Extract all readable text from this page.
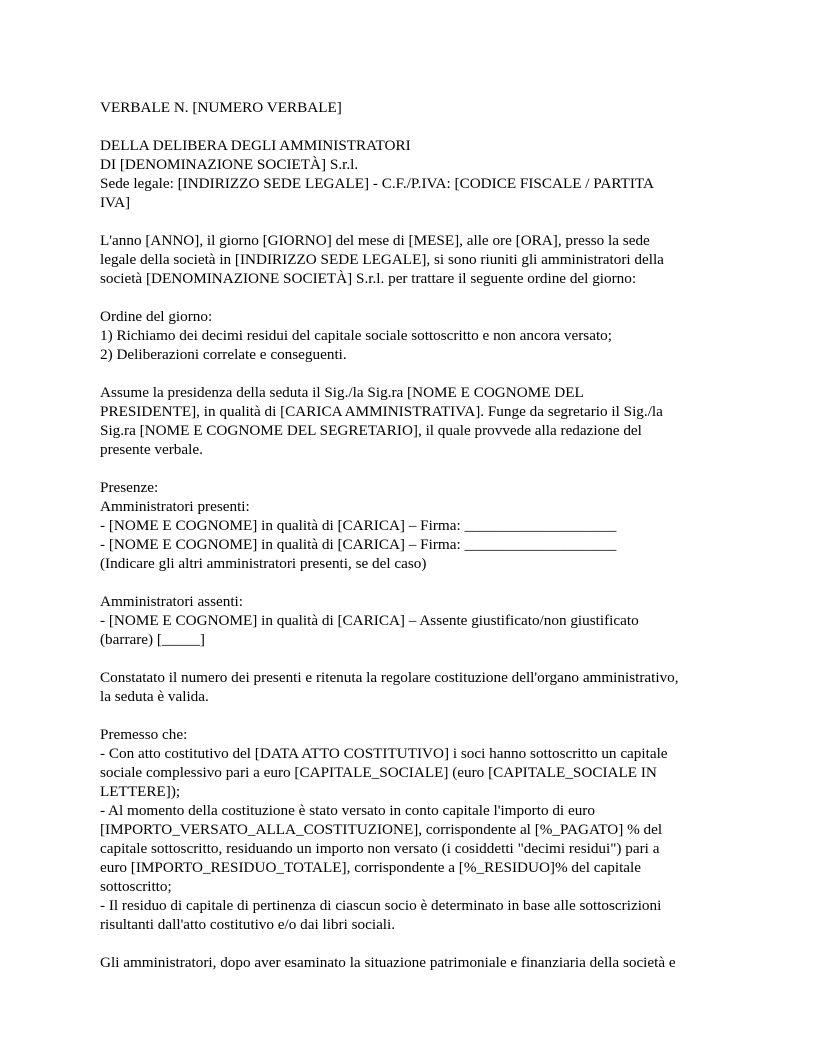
VERBALE N. [NUMERO VERBALE]
DELLA DELIBERA DEGLI AMMINISTRATORI
DI [DENOMINAZIONE SOCIETÀ] S.r.l.
Sede legale: [INDIRIZZO SEDE LEGALE] - C.F./P.IVA: [CODICE FISCALE / PARTITA
IVA]
L'anno [ANNO], il giorno [GIORNO] del mese di [MESE], alle ore [ORA], presso la sede
legale della società in [INDIRIZZO SEDE LEGALE], si sono riuniti gli amministratori della
società [DENOMINAZIONE SOCIETÀ] S.r.l. per trattare il seguente ordine del giorno:
Ordine del giorno:
1) Richiamo dei decimi residui del capitale sociale sottoscritto e non ancora versato;
2) Deliberazioni correlate e conseguenti.
Assume la presidenza della seduta il Sig./la Sig.ra [NOME E COGNOME DEL
PRESIDENTE], in qualità di [CARICA AMMINISTRATIVA]. Funge da segretario il Sig./la
Sig.ra [NOME E COGNOME DEL SEGRETARIO], il quale provvede alla redazione del
presente verbale.
Presenze:
Amministratori presenti:
- [NOME E COGNOME] in qualità di [CARICA] – Firma: ____________________
- [NOME E COGNOME] in qualità di [CARICA] – Firma: ____________________
(Indicare gli altri amministratori presenti, se del caso)
Amministratori assenti:
- [NOME E COGNOME] in qualità di [CARICA] – Assente giustificato/non giustificato
(barrare) [_____]
Constatato il numero dei presenti e ritenuta la regolare costituzione dell'organo amministrativo,
la seduta è valida.
Premesso che:
- Con atto costitutivo del [DATA ATTO COSTITUTIVO] i soci hanno sottoscritto un capitale
sociale complessivo pari a euro [CAPITALE_SOCIALE] (euro [CAPITALE_SOCIALE IN
LETTERE]);
- Al momento della costituzione è stato versato in conto capitale l'importo di euro
[IMPORTO_VERSATO_ALLA_COSTITUZIONE], corrispondente al [%_PAGATO] % del
capitale sottoscritto, residuando un importo non versato (i cosiddetti "decimi residui") pari a
euro [IMPORTO_RESIDUO_TOTALE], corrispondente a [%_RESIDUO]% del capitale
sottoscritto;
- Il residuo di capitale di pertinenza di ciascun socio è determinato in base alle sottoscrizioni
risultanti dall'atto costitutivo e/o dai libri sociali.
Gli amministratori, dopo aver esaminato la situazione patrimoniale e finanziaria della società e
